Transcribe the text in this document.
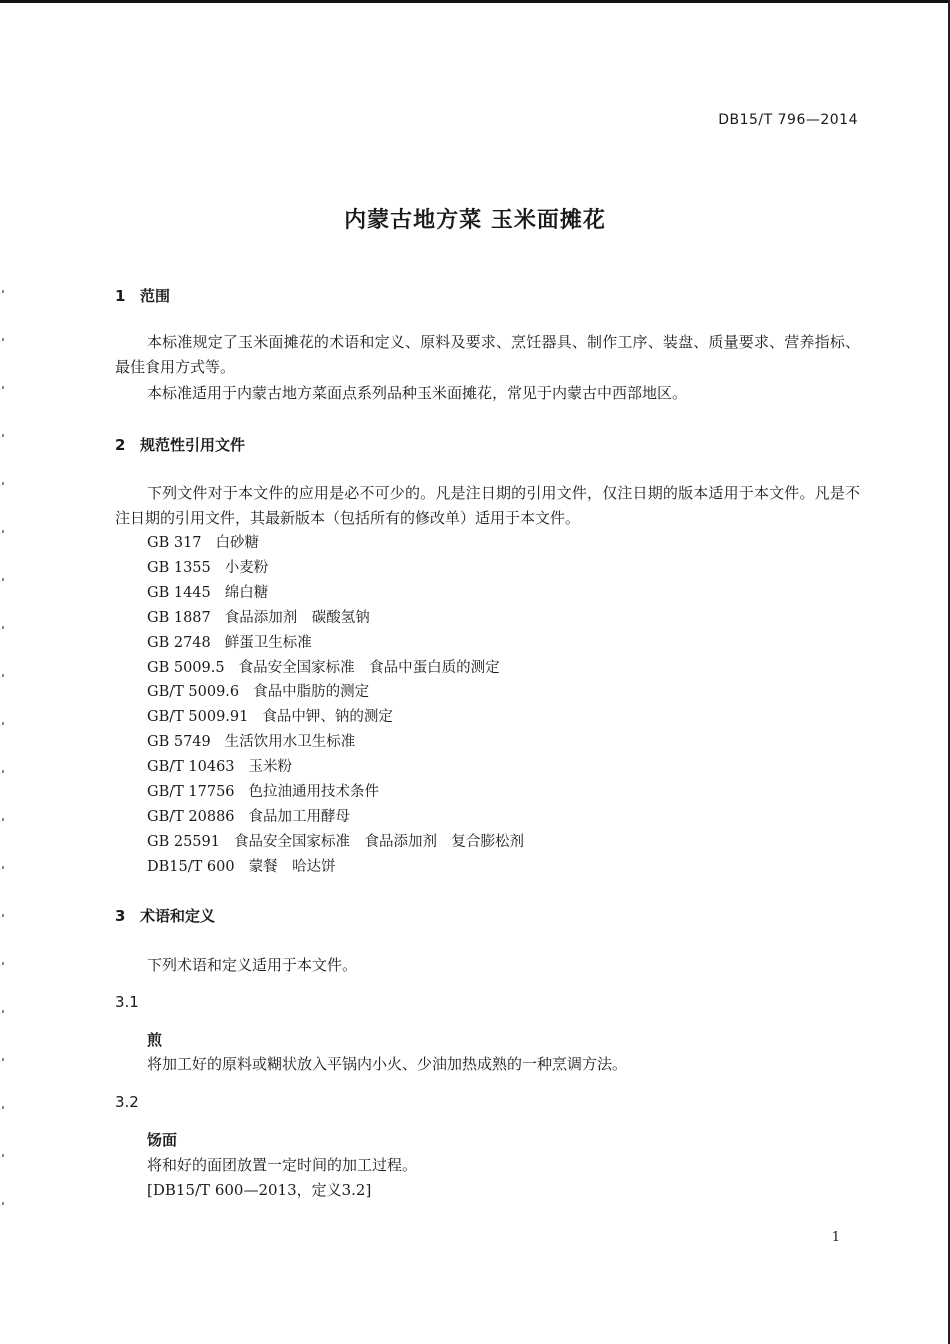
DB15/T 796—2014
内蒙古地方菜 玉米面摊花
1 范围
本标准规定了玉米面摊花的术语和定义、原料及要求、烹饪器具、制作工序、装盘、质量要求、营养指标、最佳食用方式等。
本标准适用于内蒙古地方菜面点系列品种玉米面摊花，常见于内蒙古中西部地区。
2 规范性引用文件
下列文件对于本文件的应用是必不可少的。凡是注日期的引用文件，仅注日期的版本适用于本文件。凡是不注日期的引用文件，其最新版本（包括所有的修改单）适用于本文件。
GB 317 白砂糖
GB 1355 小麦粉
GB 1445 绵白糖
GB 1887 食品添加剂　碳酸氢钠
GB 2748 鲜蛋卫生标准
GB 5009.5 食品安全国家标准　食品中蛋白质的测定
GB/T 5009.6 食品中脂肪的测定
GB/T 5009.91 食品中钾、钠的测定
GB 5749 生活饮用水卫生标准
GB/T 10463 玉米粉
GB/T 17756 色拉油通用技术条件
GB/T 20886 食品加工用酵母
GB 25591 食品安全国家标准　食品添加剂　复合膨松剂
DB15/T 600 蒙餐　哈达饼
3 术语和定义
下列术语和定义适用于本文件。
3.1
煎
将加工好的原料或糊状放入平锅内小火、少油加热成熟的一种烹调方法。
3.2
饧面
将和好的面团放置一定时间的加工过程。
[DB15/T 600—2013，定义3.2]
1
